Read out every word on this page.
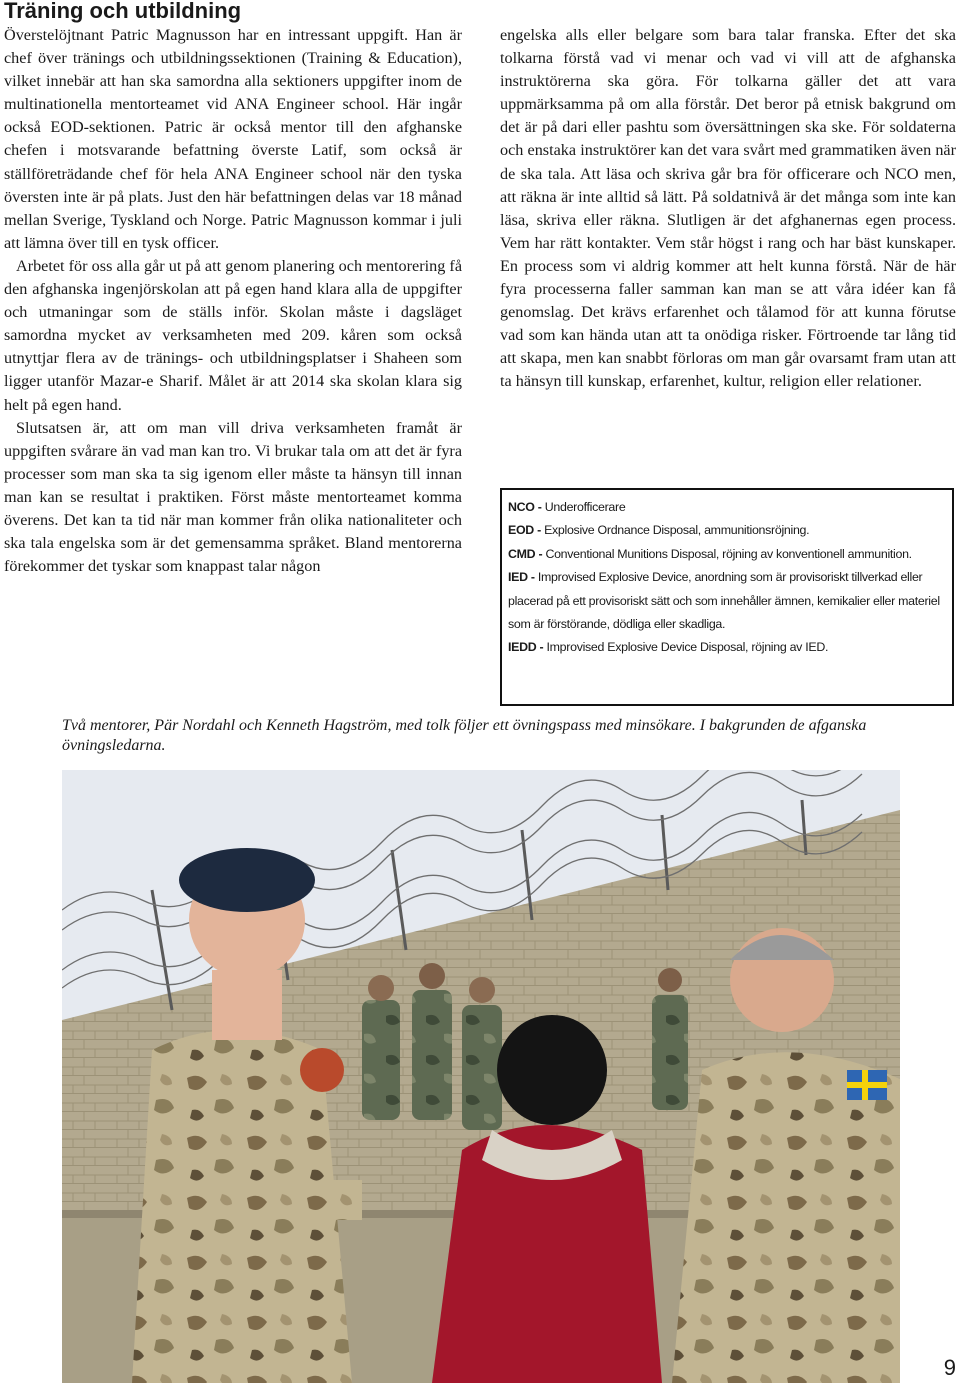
Träning och utbildning

Överstelöjtnant Patric Magnusson har en intressant uppgift. Han är chef över tränings och utbildningssektionen (Training & Education), vilket innebär att han ska samordna alla sektioners uppgifter inom de multinationella mentorteamet vid ANA Engineer school. Här ingår också EOD-sektionen. Patric är också mentor till den afghanske chefen i motsvarande befattning överste Latif, som också är ställföreträdande chef för hela ANA Engineer school när den tyska översten inte är på plats. Just den här befattningen delas var 18 månad mellan Sverige, Tyskland och Norge. Patric Magnusson kommar i juli att lämna över till en tysk officer.

Arbetet för oss alla går ut på att genom planering och mentorering få den afghanska ingenjörskolan att på egen hand klara alla de uppgifter och utmaningar som de ställs inför. Skolan måste i dagsläget samordna mycket av verksamheten med 209. kåren som också utnyttjar flera av de tränings- och utbildningsplatser i Shaheen som ligger utanför Mazar-e Sharif. Målet är att 2014 ska skolan klara sig helt på egen hand.

Slutsatsen är, att om man vill driva verksamheten framåt är uppgiften svårare än vad man kan tro. Vi brukar tala om att det är fyra processer som man ska ta sig igenom eller måste ta hänsyn till innan man kan se resultat i praktiken. Först måste mentorteamet komma överens. Det kan ta tid när man kommer från olika nationaliteter och ska tala engelska som är det gemensamma språket. Bland mentorerna förekommer det tyskar som knappast talar någon

engelska alls eller belgare som bara talar franska. Efter det ska tolkarna förstå vad vi menar och vad vi vill att de afghanska instruktörerna ska göra. För tolkarna gäller det att vara uppmärksamma på om alla förstår. Det beror på etnisk bakgrund om det är på dari eller pashtu som översättningen ska ske. För soldaterna och enstaka instruktörer kan det vara svårt med grammatiken även när de ska tala. Att läsa och skriva går bra för officerare och NCO men, att räkna är inte alltid så lätt. På soldatnivå är det många som inte kan läsa, skriva eller räkna. Slutligen är det afghanernas egen process. Vem har rätt kontakter. Vem står högst i rang och har bäst kunskaper. En process som vi aldrig kommer att helt kunna förstå. När de här fyra processerna faller samman kan man se att våra idéer kan få genomslag. Det krävs erfarenhet och tålamod för att kunna förutse vad som kan hända utan att ta onödiga risker. Förtroende tar lång tid att skapa, men kan snabbt förloras om man går ovarsamt fram utan att ta hänsyn till kunskap, erfarenhet, kultur, religion eller relationer.

NCO - Underofficerare

EOD - Explosive Ordnance Disposal, ammunitionsröjning.

CMD - Conventional Munitions Disposal, röjning av konventionell ammunition.

IED - Improvised Explosive Device, anordning som är provisoriskt tillverkad eller placerad på ett provisoriskt sätt och som innehåller ämnen, kemikalier eller materiel som är förstörande, dödliga eller skadliga.

IEDD - Improvised Explosive Device Disposal, röjning av IED.

Två mentorer, Pär Nordahl och Kenneth Hagström, med tolk följer ett övningspass med minsökare. I bakgrunden de afganska övningsledarna.

9
